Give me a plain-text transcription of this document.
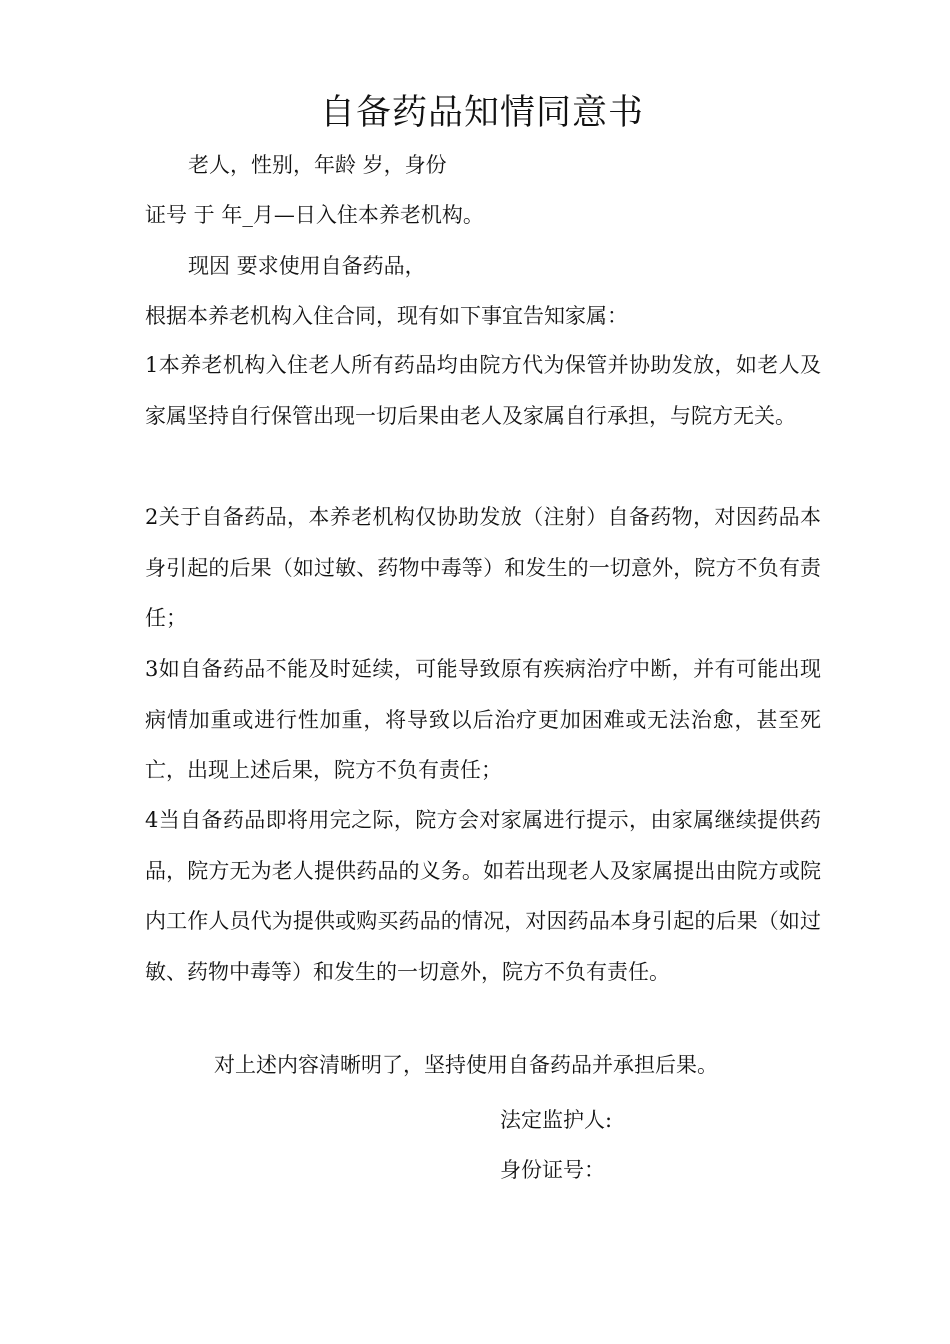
自备药品知情同意书

老人，性别，年龄 岁，身份

证号 于 年_月—日入住本养老机构。

现因 要求使用自备药品，

根据本养老机构入住合同，现有如下事宜告知家属：

1本养老机构入住老人所有药品均由院方代为保管并协助发放，如老人及家属坚持自行保管出现一切后果由老人及家属自行承担，与院方无关。

2关于自备药品，本养老机构仅协助发放（注射）自备药物，对因药品本身引起的后果（如过敏、药物中毒等）和发生的一切意外，院方不负有责任；

3如自备药品不能及时延续，可能导致原有疾病治疗中断，并有可能出现病情加重或进行性加重，将导致以后治疗更加困难或无法治愈，甚至死亡，出现上述后果，院方不负有责任；

4当自备药品即将用完之际，院方会对家属进行提示，由家属继续提供药品，院方无为老人提供药品的义务。如若出现老人及家属提出由院方或院内工作人员代为提供或购买药品的情况，对因药品本身引起的后果（如过敏、药物中毒等）和发生的一切意外，院方不负有责任。

对上述内容清晰明了，坚持使用自备药品并承担后果。

法定监护人:

身份证号：
